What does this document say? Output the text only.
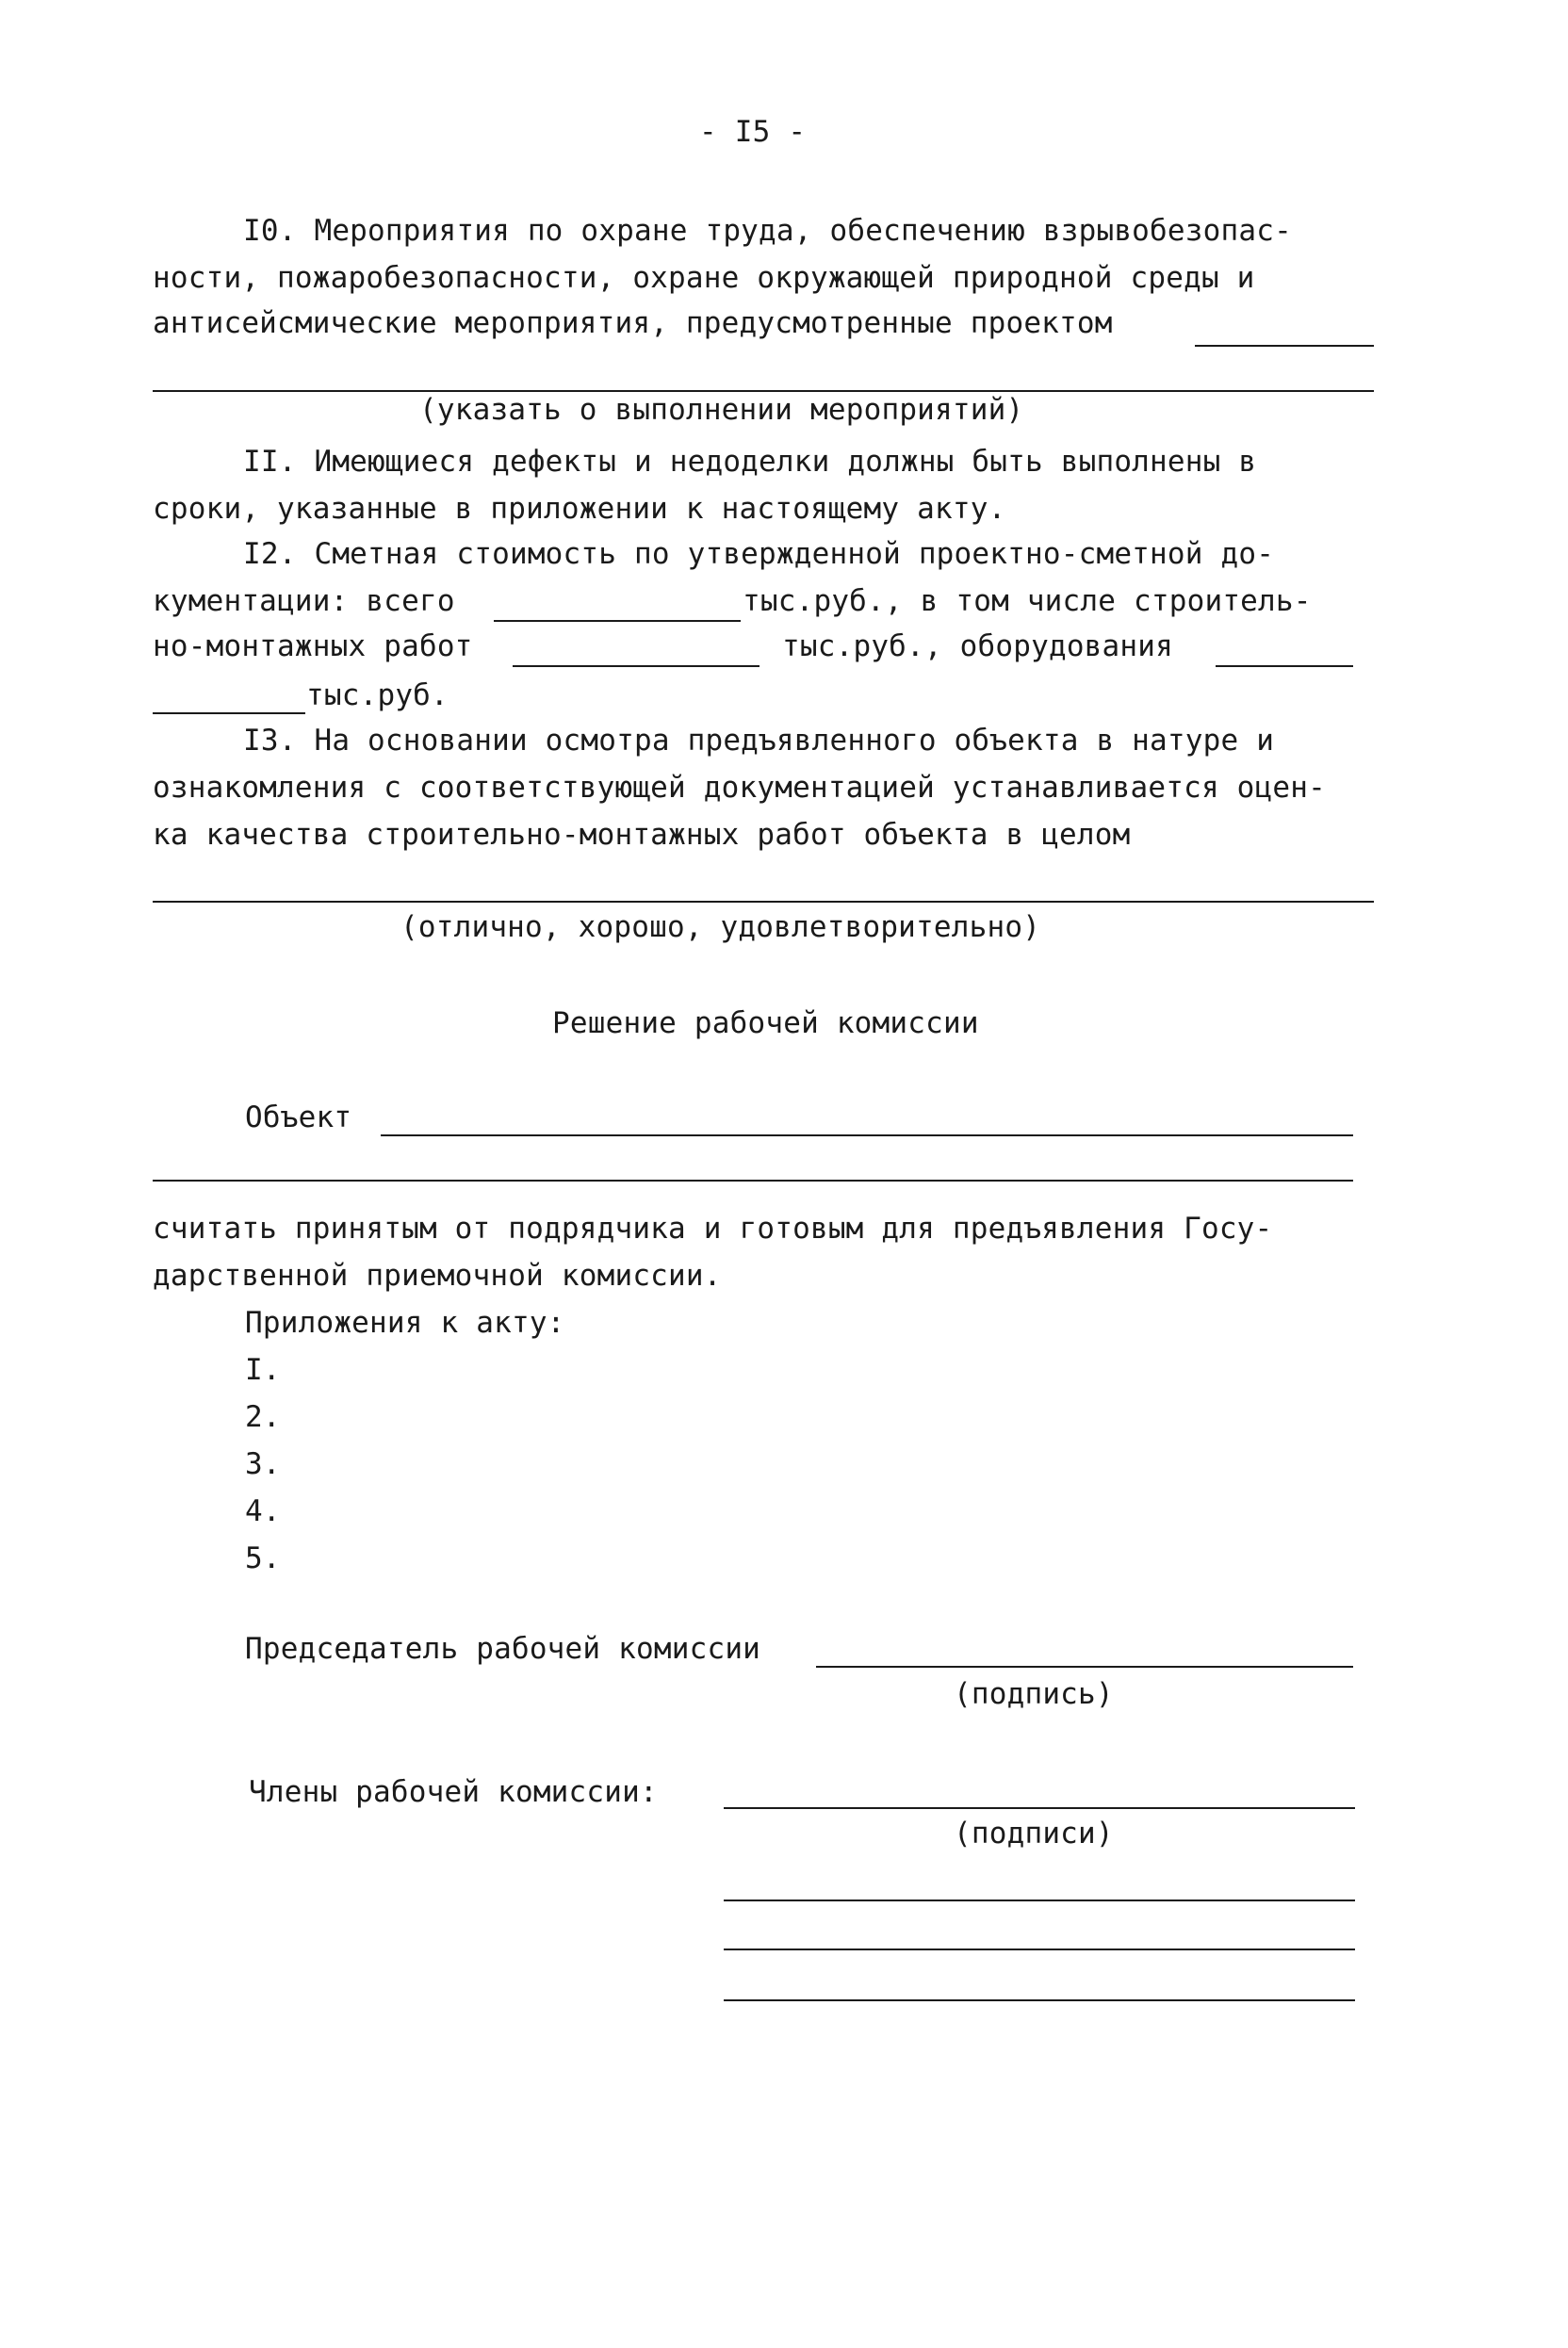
- I5 -
I0. Мероприятия по охране труда, обеспечению взрывобезопас-
ности, пожаробезопасности, охране окружающей природной среды и
антисейсмические мероприятия, предусмотренные проектом
(указать о выполнении мероприятий)
II. Имеющиеся дефекты и недоделки должны быть выполнены в
сроки, указанные в приложении к настоящему акту.
I2. Сметная стоимость по утвержденной проектно-сметной до-
кументации: всего	тыс.руб., в том числе строитель-
но-монтажных работ	тыс.руб., оборудования
тыс.руб.
I3. На основании осмотра предъявленного объекта в натуре и
ознакомления с соответствующей документацией устанавливается оцен-
ка качества строительно-монтажных работ объекта в целом
(отлично, хорошо, удовлетворительно)
Решение рабочей комиссии
Объект
считать принятым от подрядчика и готовым для предъявления Госу-
дарственной приемочной комиссии.
Приложения к акту:
I.
2.
3.
4.
5.
Председатель рабочей комиссии
(подпись)
Члены рабочей комиссии:
(подписи)
